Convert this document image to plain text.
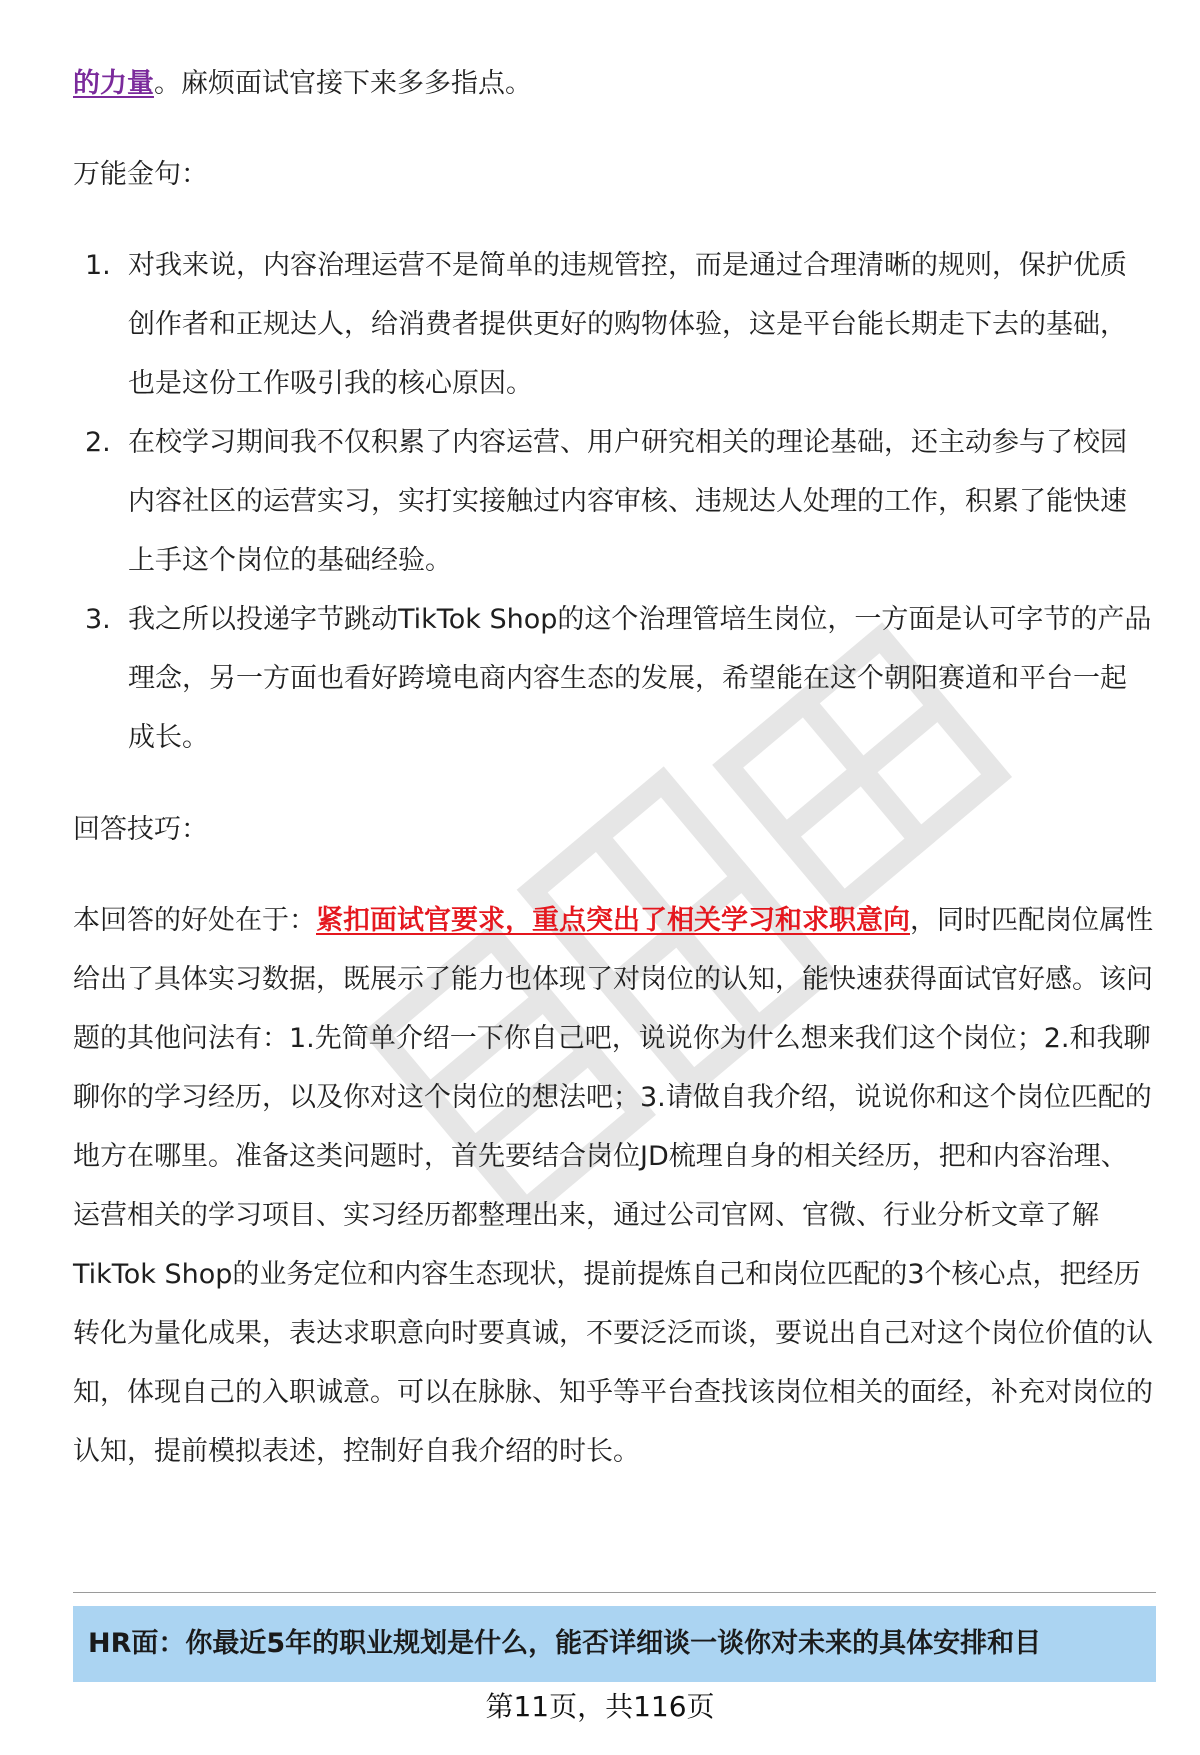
的力量。麻烦面试官接下来多多指点。

万能金句：

1. 对我来说，内容治理运营不是简单的违规管控，而是通过合理清晰的规则，保护优质创作者和正规达人，给消费者提供更好的购物体验，这是平台能长期走下去的基础，也是这份工作吸引我的核心原因。
2. 在校学习期间我不仅积累了内容运营、用户研究相关的理论基础，还主动参与了校园内容社区的运营实习，实打实接触过内容审核、违规达人处理的工作，积累了能快速上手这个岗位的基础经验。
3. 我之所以投递字节跳动TikTok Shop的这个治理管培生岗位，一方面是认可字节的产品理念，另一方面也看好跨境电商内容生态的发展，希望能在这个朝阳赛道和平台一起成长。

回答技巧：

本回答的好处在于：紧扣面试官要求，重点突出了相关学习和求职意向，同时匹配岗位属性给出了具体实习数据，既展示了能力也体现了对岗位的认知，能快速获得面试官好感。该问题的其他问法有：1.先简单介绍一下你自己吧，说说你为什么想来我们这个岗位；2.和我聊聊你的学习经历，以及你对这个岗位的想法吧；3.请做自我介绍，说说你和这个岗位匹配的地方在哪里。准备这类问题时，首先要结合岗位JD梳理自身的相关经历，把和内容治理、运营相关的学习项目、实习经历都整理出来，通过公司官网、官微、行业分析文章了解TikTok Shop的业务定位和内容生态现状，提前提炼自己和岗位匹配的3个核心点，把经历转化为量化成果，表达求职意向时要真诚，不要泛泛而谈，要说出自己对这个岗位价值的认知，体现自己的入职诚意。可以在脉脉、知乎等平台查找该岗位相关的面经，补充对岗位的认知，提前模拟表述，控制好自我介绍的时长。

HR面：你最近5年的职业规划是什么，能否详细谈一谈你对未来的具体安排和目
第11页，共116页
